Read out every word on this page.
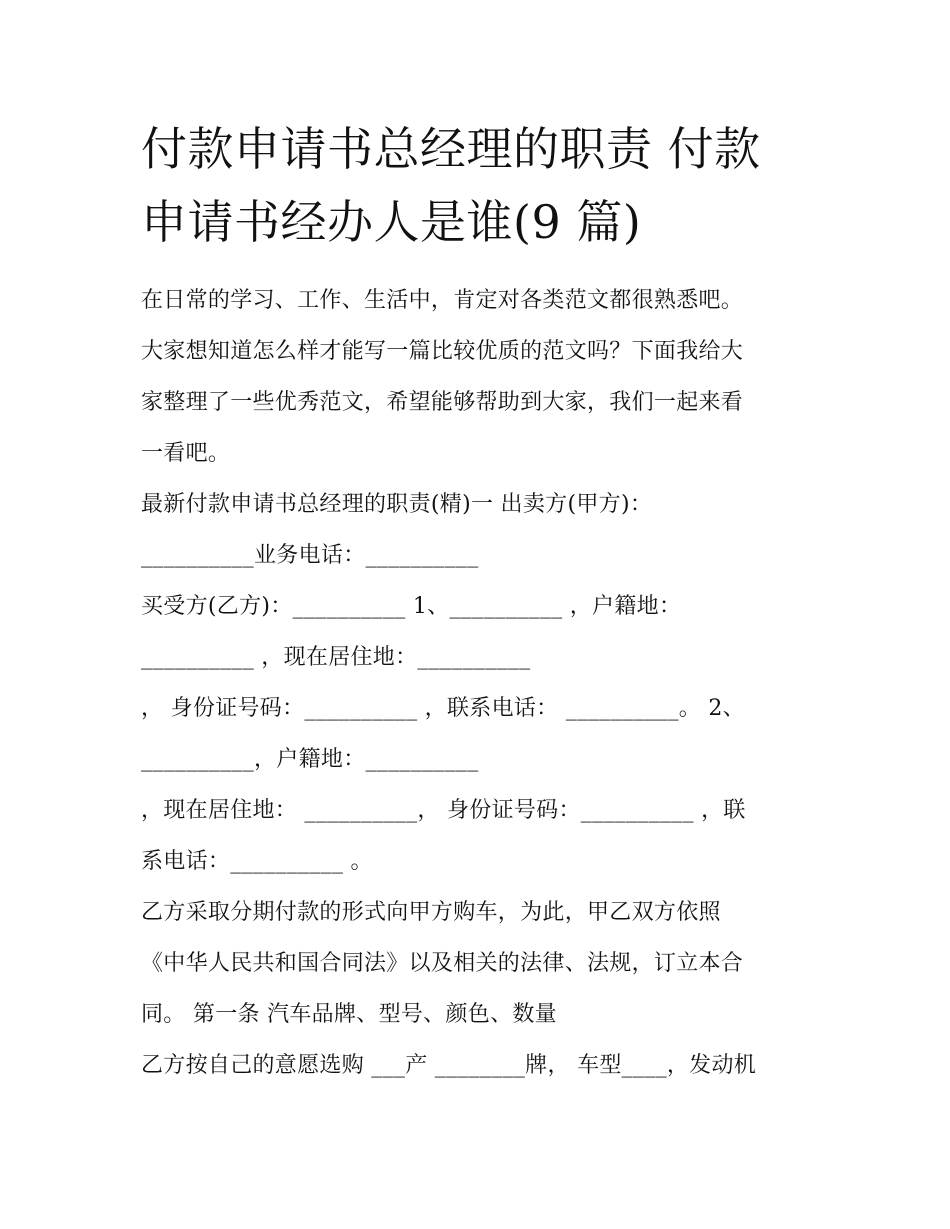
付款申请书总经理的职责 付款
申请书经办人是谁(9 篇)

在日常的学习、工作、生活中，肯定对各类范文都很熟悉吧。

大家想知道怎么样才能写一篇比较优质的范文吗？下面我给大

家整理了一些优秀范文，希望能够帮助到大家，我们一起来看

一看吧。

最新付款申请书总经理的职责(精)一 出卖方(甲方)：

__________业务电话：__________

买受方(乙方)：__________ 1、__________ ，户籍地：

__________ ，现在居住地：__________

， 身份证号码：__________ ，联系电话： __________。 2、

__________，户籍地：__________

，现在居住地： __________， 身份证号码：__________ ，联

系电话：__________ 。

乙方采取分期付款的形式向甲方购车，为此，甲乙双方依照

《中华人民共和国合同法》以及相关的法律、法规，订立本合

同。 第一条 汽车品牌、型号、颜色、数量

乙方按自己的意愿选购 ___产 ________牌， 车型____，发动机
